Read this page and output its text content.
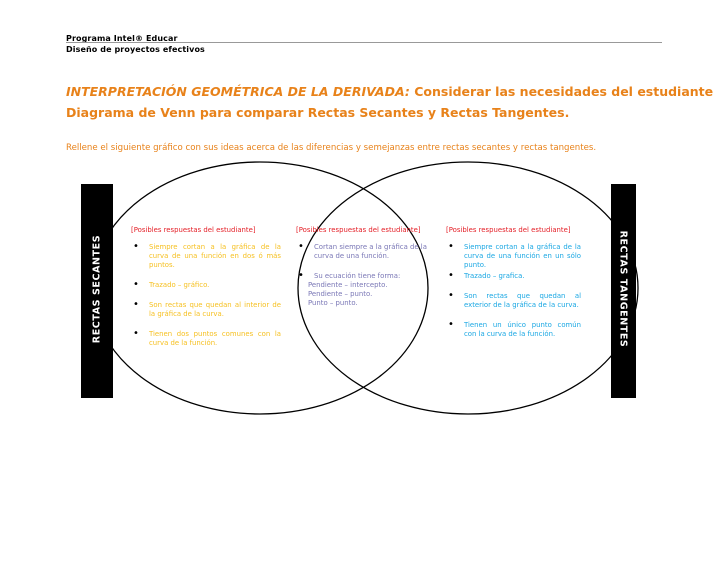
Programa Intel® Educar
Diseño de proyectos efectivos
INTERPRETACIÓN GEOMÉTRICA DE LA DERIVADA: Considerar las necesidades del estudiante
Diagrama de Venn para comparar Rectas Secantes y Rectas Tangentes.
Rellene el siguiente gráfico con sus ideas acerca de las diferencias y semejanzas entre rectas secantes y rectas tangentes.
RECTAS SECANTES	RECTAS TANGENTES
[Posibles respuestas del estudiante]
• Siempre cortan a la gráfica de la curva de una función en dos ó más puntos.
• Trazado – gráfico.
• Son rectas que quedan al interior de la gráfica de la curva.
• Tienen dos puntos comunes con la curva de la función.
[Posibles respuestas del estudiante]
• Cortan siempre a la gráfica de la curva de una función.
• Su ecuación tiene forma:
Pendiente – intercepto.
Pendiente – punto.
Punto – punto.
[Posibles respuestas del estudiante]
• Siempre cortan a la gráfica de la curva de una función en un sólo punto.
• Trazado – grafica.
• Son rectas que quedan al exterior de la gráfica de la curva.
• Tienen un único punto común con la curva de la función.
